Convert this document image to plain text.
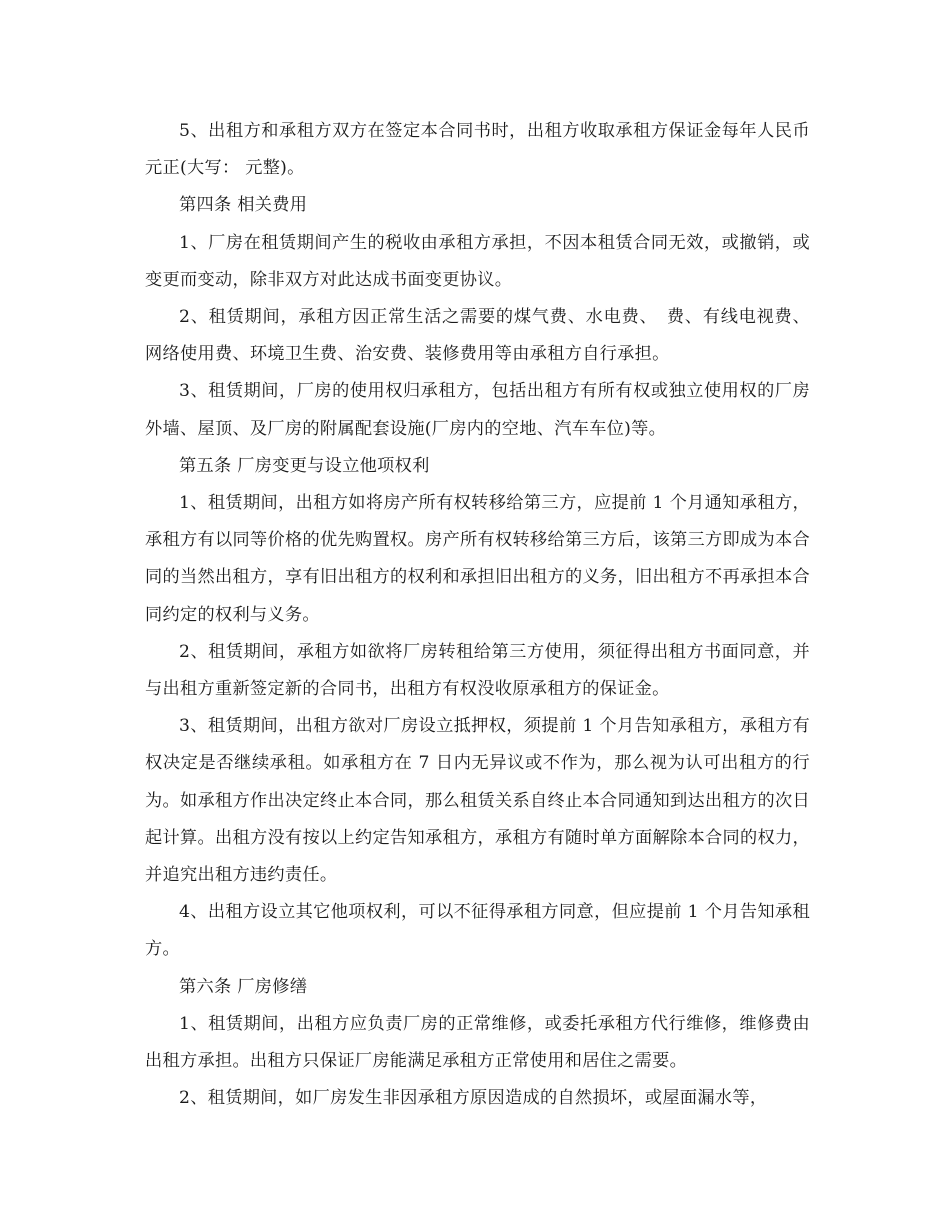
5、出租方和承租方双方在签定本合同书时，出租方收取承租方保证金每年人民币 元正(大写： 元整)。

第四条 相关费用

1、厂房在租赁期间产生的税收由承租方承担，不因本租赁合同无效，或撤销，或变更而变动，除非双方对此达成书面变更协议。

2、租赁期间，承租方因正常生活之需要的煤气费、水电费、　费、有线电视费、网络使用费、环境卫生费、治安费、装修费用等由承租方自行承担。

3、租赁期间，厂房的使用权归承租方，包括出租方有所有权或独立使用权的厂房外墙、屋顶、及厂房的附属配套设施(厂房内的空地、汽车车位)等。

第五条 厂房变更与设立他项权利

1、租赁期间，出租方如将房产所有权转移给第三方，应提前 1 个月通知承租方，承租方有以同等价格的优先购置权。房产所有权转移给第三方后，该第三方即成为本合同的当然出租方，享有旧出租方的权利和承担旧出租方的义务，旧出租方不再承担本合同约定的权利与义务。

2、租赁期间，承租方如欲将厂房转租给第三方使用，须征得出租方书面同意，并与出租方重新签定新的合同书，出租方有权没收原承租方的保证金。

3、租赁期间，出租方欲对厂房设立抵押权，须提前 1 个月告知承租方，承租方有权决定是否继续承租。如承租方在 7 日内无异议或不作为，那么视为认可出租方的行为。如承租方作出决定终止本合同，那么租赁关系自终止本合同通知到达出租方的次日起计算。出租方没有按以上约定告知承租方，承租方有随时单方面解除本合同的权力，并追究出租方违约责任。

4、出租方设立其它他项权利，可以不征得承租方同意，但应提前 1 个月告知承租方。

第六条 厂房修缮

1、租赁期间，出租方应负责厂房的正常维修，或委托承租方代行维修，维修费由出租方承担。出租方只保证厂房能满足承租方正常使用和居住之需要。

2、租赁期间，如厂房发生非因承租方原因造成的自然损坏，或屋面漏水等，
